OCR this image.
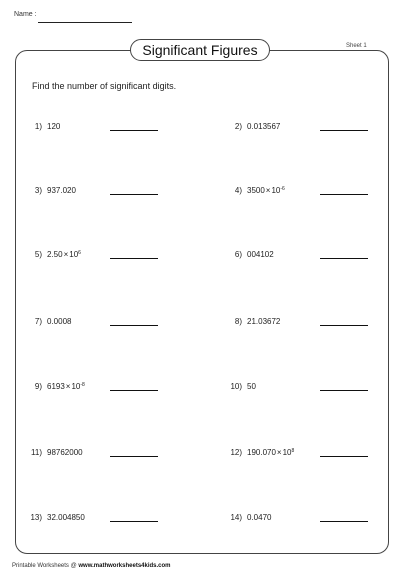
Name :
Significant Figures	Sheet 1
Find the number of significant digits.
1) 120	2) 0.013567
3) 937.020	4) $3500\times 10^{-6}$
5) $2.50\times 10^6$	6) 004102
7) 0.0008	8) 21.03672
9) $6193\times 10^{-8}$	10) 50
11) 98762000	12) $190.070\times 10^8$
13) 32.004850	14) 0.0470
Printable Worksheets @ www.mathworksheets4kids.com
